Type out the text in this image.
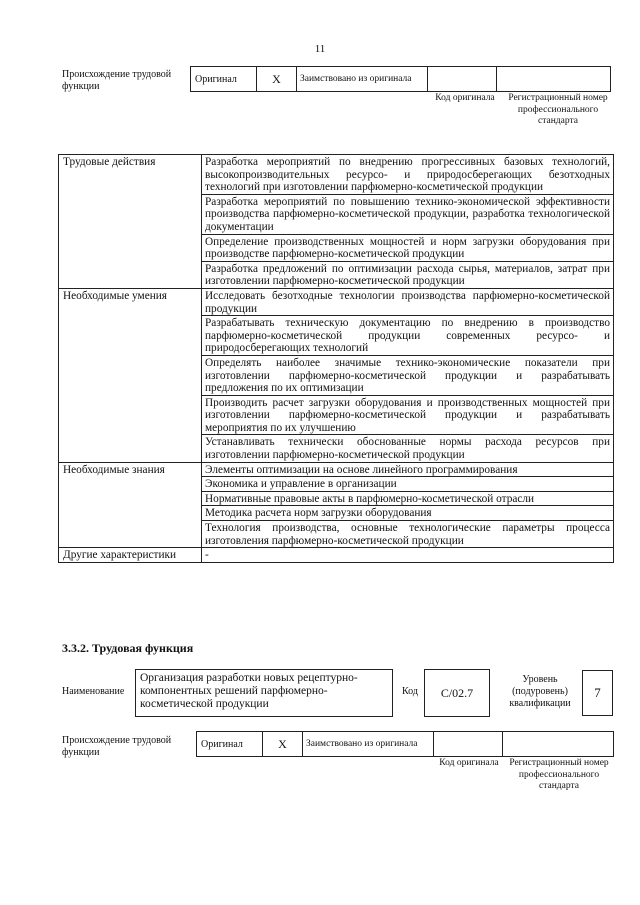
11
Происхождение трудовой функции
Оригинал	X	Заимствовано из оригинала		
Код оригинала	Регистрационный номер профессионального стандарта
Трудовые действия	Разработка мероприятий по внедрению прогрессивных базовых технологий, высокопроизводительных ресурсо- и природосберегающих безотходных технологий при изготовлении парфюмерно-косметической продукции
	Разработка мероприятий по повышению технико-экономической эффективности производства парфюмерно-косметической продукции, разработка технологической документации
	Определение производственных мощностей и норм загрузки оборудования при производстве парфюмерно-косметической продукции
	Разработка предложений по оптимизации расхода сырья, материалов, затрат при изготовлении парфюмерно-косметической продукции
Необходимые умения	Исследовать безотходные технологии производства парфюмерно-косметической продукции
	Разрабатывать техническую документацию по внедрению в производство парфюмерно-косметической продукции современных ресурсо- и природосберегающих технологий
	Определять наиболее значимые технико-экономические показатели при изготовлении парфюмерно-косметической продукции и разрабатывать предложения по их оптимизации
	Производить расчет загрузки оборудования и производственных мощностей при изготовлении парфюмерно-косметической продукции и разрабатывать мероприятия по их улучшению
	Устанавливать технически обоснованные нормы расхода ресурсов при изготовлении парфюмерно-косметической продукции
Необходимые знания	Элементы оптимизации на основе линейного программирования
	Экономика и управление в организации
	Нормативные правовые акты в парфюмерно-косметической отрасли
	Методика расчета норм загрузки оборудования
	Технология производства, основные технологические параметры процесса изготовления парфюмерно-косметической продукции
Другие характеристики	-
3.3.2. Трудовая функция
Наименование
Организация разработки новых рецептурно-компонентных решений парфюмерно-косметической продукции
Код	C/02.7
Уровень (подуровень) квалификации
7
Происхождение трудовой функции
Оригинал	X	Заимствовано из оригинала		
Код оригинала	Регистрационный номер профессионального стандарта
